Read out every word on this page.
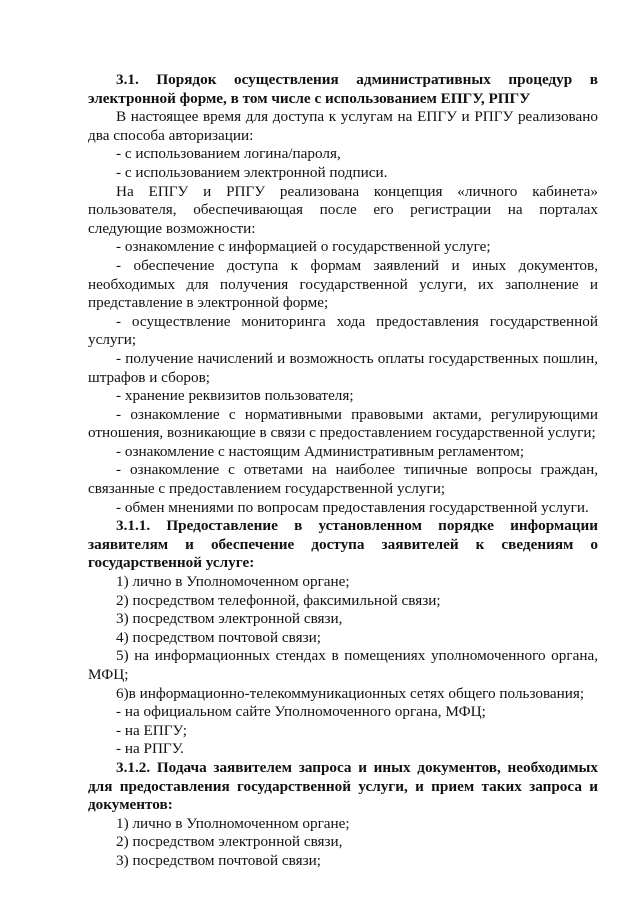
3.1. Порядок осуществления административных процедур в электронной форме, в том числе с использованием ЕПГУ, РПГУ

В настоящее время для доступа к услугам на ЕПГУ и РПГУ реализовано два способа авторизации:

- с использованием логина/пароля,

- с использованием электронной подписи.

На ЕПГУ и РПГУ реализована концепция «личного кабинета» пользователя, обеспечивающая после его регистрации на порталах следующие возможности:

- ознакомление с информацией о государственной услуге;

- обеспечение доступа к формам заявлений и иных документов, необходимых для получения государственной услуги, их заполнение и представление в электронной форме;

- осуществление мониторинга хода предоставления государственной услуги;

- получение начислений и возможность оплаты государственных пошлин, штрафов и сборов;

- хранение реквизитов пользователя;

- ознакомление с нормативными правовыми актами, регулирующими отношения, возникающие в связи с предоставлением государственной услуги;

- ознакомление с настоящим Административным регламентом;

- ознакомление с ответами на наиболее типичные вопросы граждан, связанные с предоставлением государственной услуги;

- обмен мнениями по вопросам предоставления государственной услуги.

3.1.1. Предоставление в установленном порядке информации заявителям и обеспечение доступа заявителей к сведениям о государственной услуге:

1) лично в Уполномоченном органе;

2) посредством телефонной, факсимильной связи;

3) посредством электронной связи,

4) посредством почтовой связи;

5) на информационных стендах в помещениях уполномоченного органа, МФЦ;

6)в информационно-телекоммуникационных сетях общего пользования;

- на официальном сайте Уполномоченного органа, МФЦ;

- на ЕПГУ;

- на РПГУ.

3.1.2. Подача заявителем запроса и иных документов, необходимых для предоставления государственной услуги, и прием таких запроса и документов:

1) лично в Уполномоченном органе;

2) посредством электронной связи,

3) посредством почтовой связи;
